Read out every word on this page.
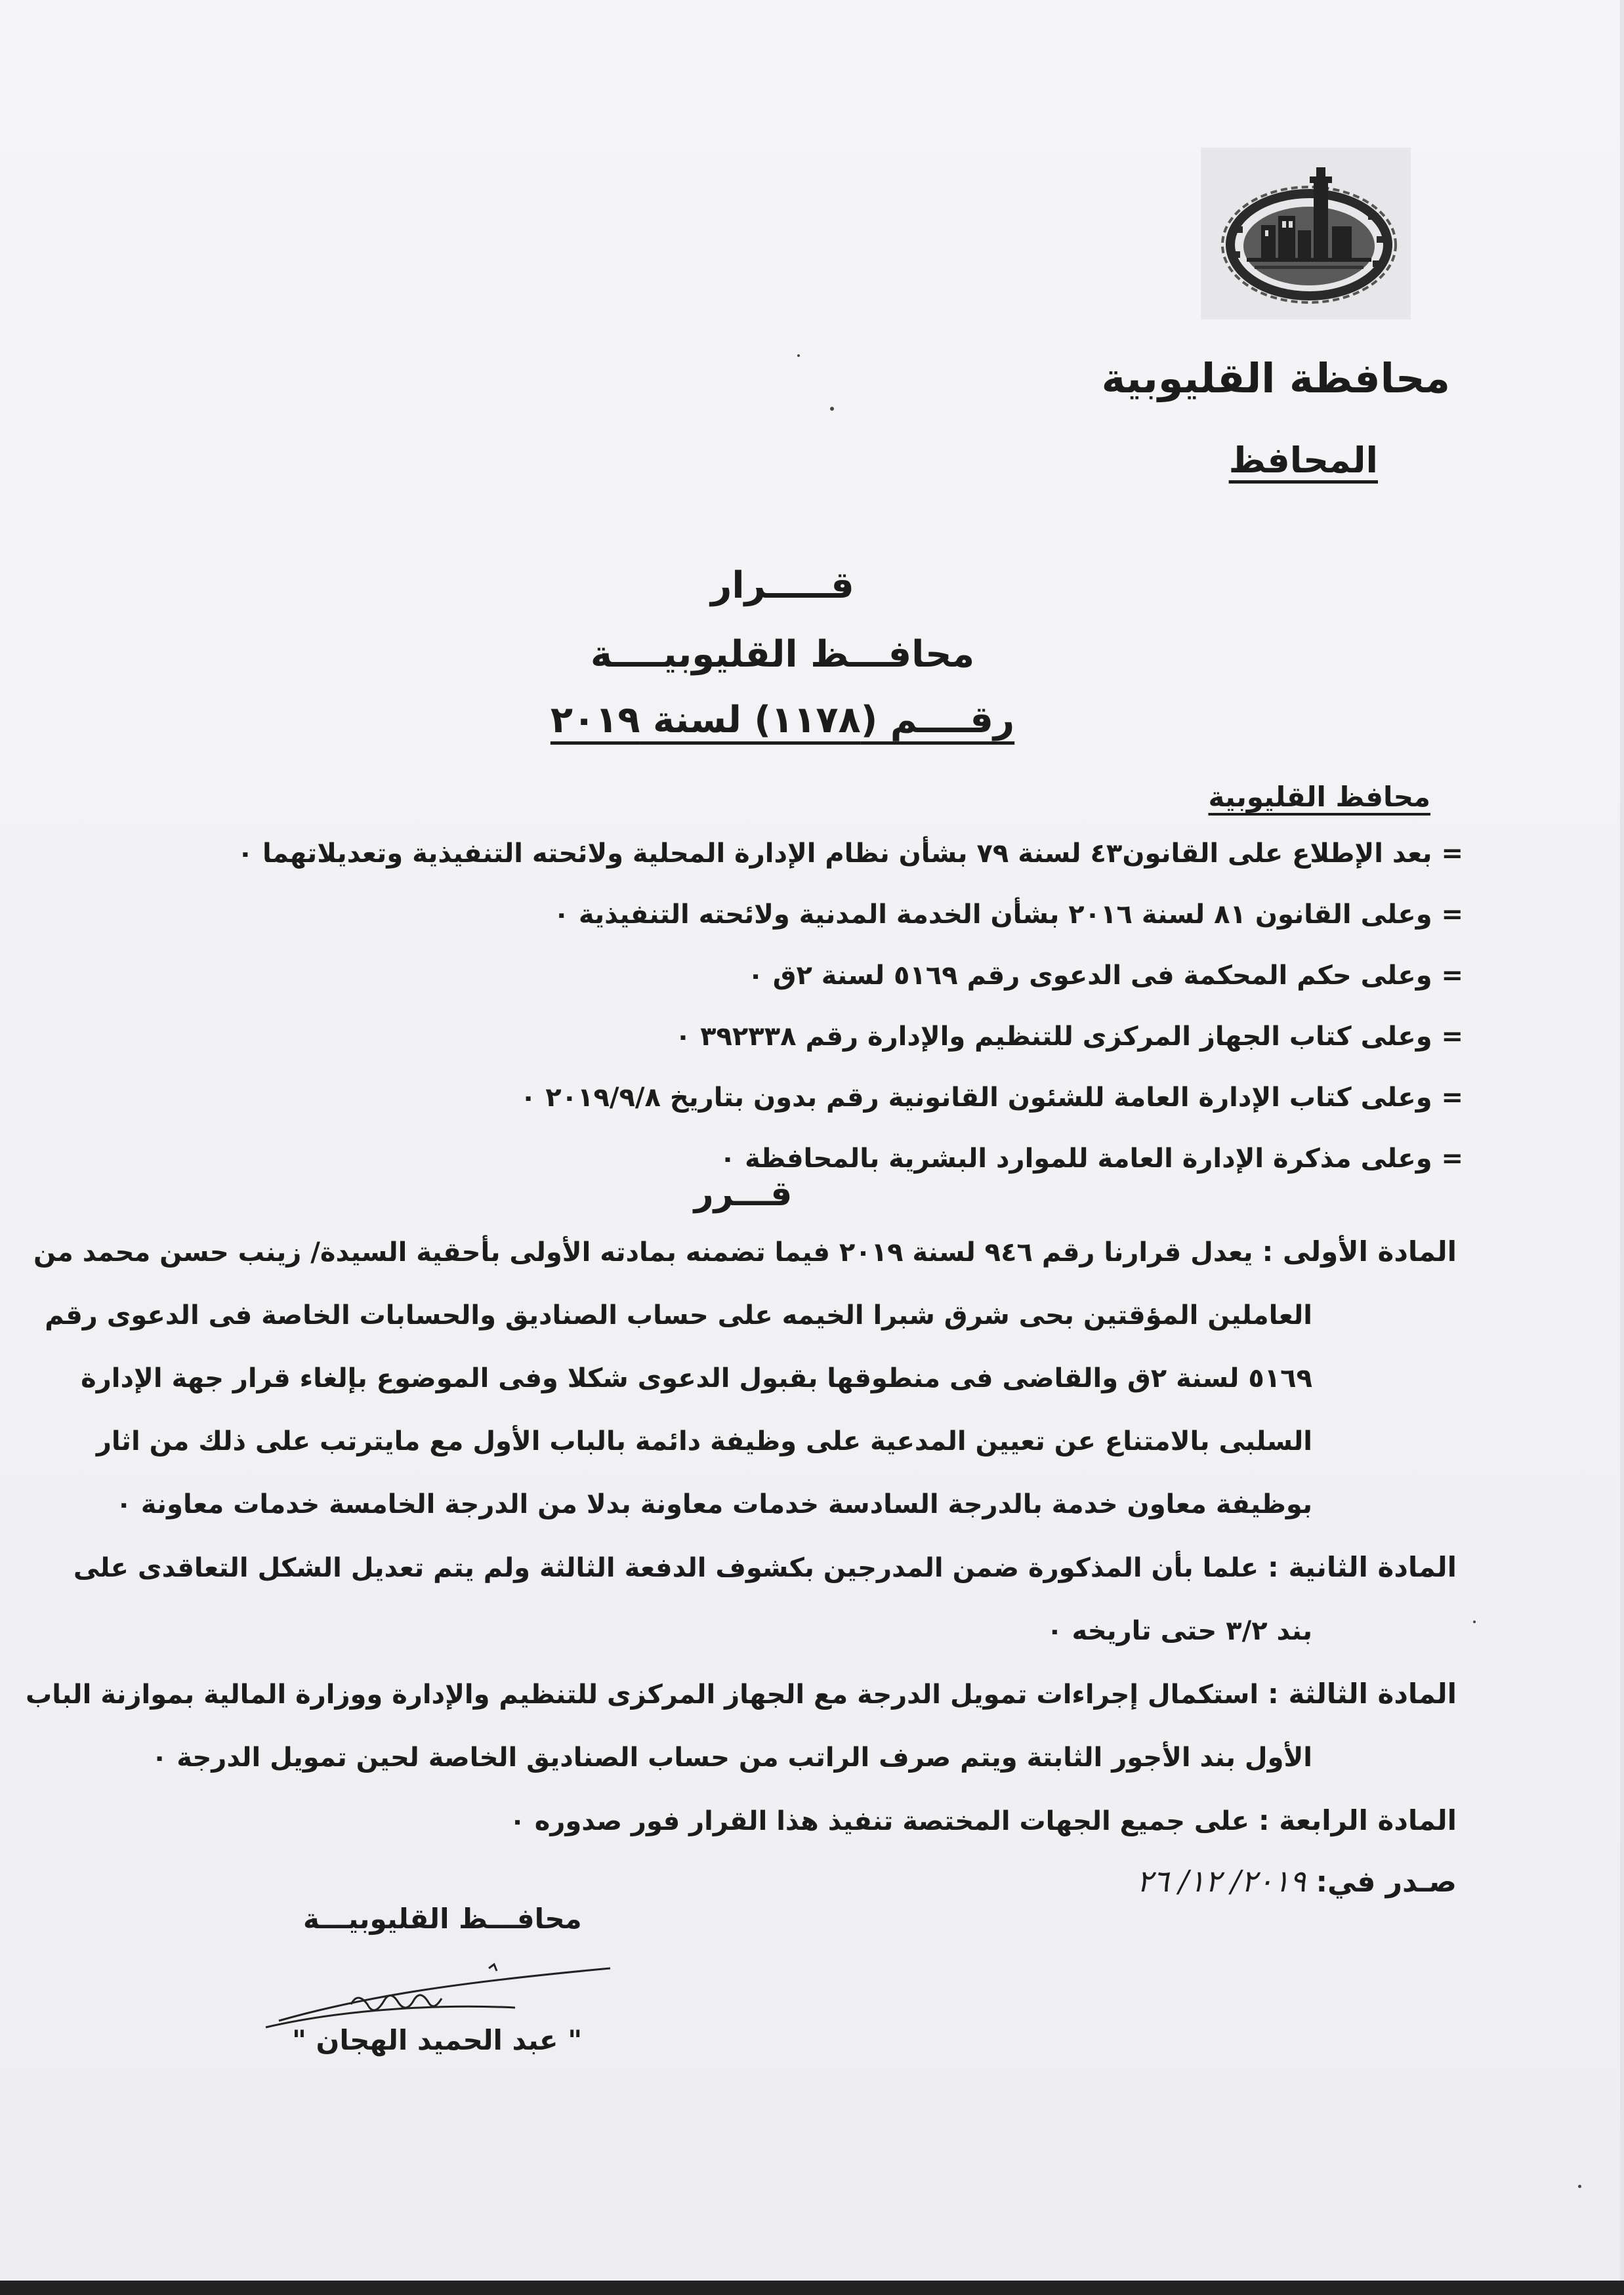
محافظة القليوبية
المحافظ
قـــــرار
محافـــظ القليوبيــــة
رقــــم (١١٧٨) لسنة ٢٠١٩
محافظ القليوبية
= بعد الإطلاع على القانون٤٣ لسنة ٧٩ بشأن نظام الإدارة المحلية ولائحته التنفيذية وتعديلاتهما ٠
= وعلى القانون ٨١ لسنة ٢٠١٦ بشأن الخدمة المدنية ولائحته التنفيذية ٠
= وعلى حكم المحكمة فى الدعوى رقم ٥١٦٩ لسنة ٢ق ٠
= وعلى كتاب الجهاز المركزى للتنظيم والإدارة رقم ٣٩٢٣٣٨ ٠
= وعلى كتاب الإدارة العامة للشئون القانونية رقم بدون بتاريخ ٢٠١٩/٩/٨ ٠
= وعلى مذكرة الإدارة العامة للموارد البشرية بالمحافظة ٠
قـــرر
المادة الأولى : يعدل قرارنا رقم ٩٤٦ لسنة ٢٠١٩ فيما تضمنه بمادته الأولى بأحقية السيدة/ زينب حسن محمد من
العاملين المؤقتين بحى شرق شبرا الخيمه على حساب الصناديق والحسابات الخاصة فى الدعوى رقم
٥١٦٩ لسنة ٢ق والقاضى فى منطوقها بقبول الدعوى شكلا وفى الموضوع بإلغاء قرار جهة الإدارة
السلبى بالامتناع عن تعيين المدعية على وظيفة دائمة بالباب الأول مع مايترتب على ذلك من اثار
بوظيفة معاون خدمة بالدرجة السادسة خدمات معاونة بدلا من الدرجة الخامسة خدمات معاونة ٠
المادة الثانية : علما بأن المذكورة ضمن المدرجين بكشوف الدفعة الثالثة ولم يتم تعديل الشكل التعاقدى على
بند ٣/٢ حتى تاريخه ٠
المادة الثالثة : استكمال إجراءات تمويل الدرجة مع الجهاز المركزى للتنظيم والإدارة ووزارة المالية بموازنة الباب
الأول بند الأجور الثابتة ويتم صرف الراتب من حساب الصناديق الخاصة لحين تمويل الدرجة ٠
المادة الرابعة : على جميع الجهات المختصة تنفيذ هذا القرار فور صدوره ٠
صـدر في: ٢٠١٩/ ١٢/ ٢٦
محافـــظ القليوبيـــة
" عبد الحميد الهجان "
